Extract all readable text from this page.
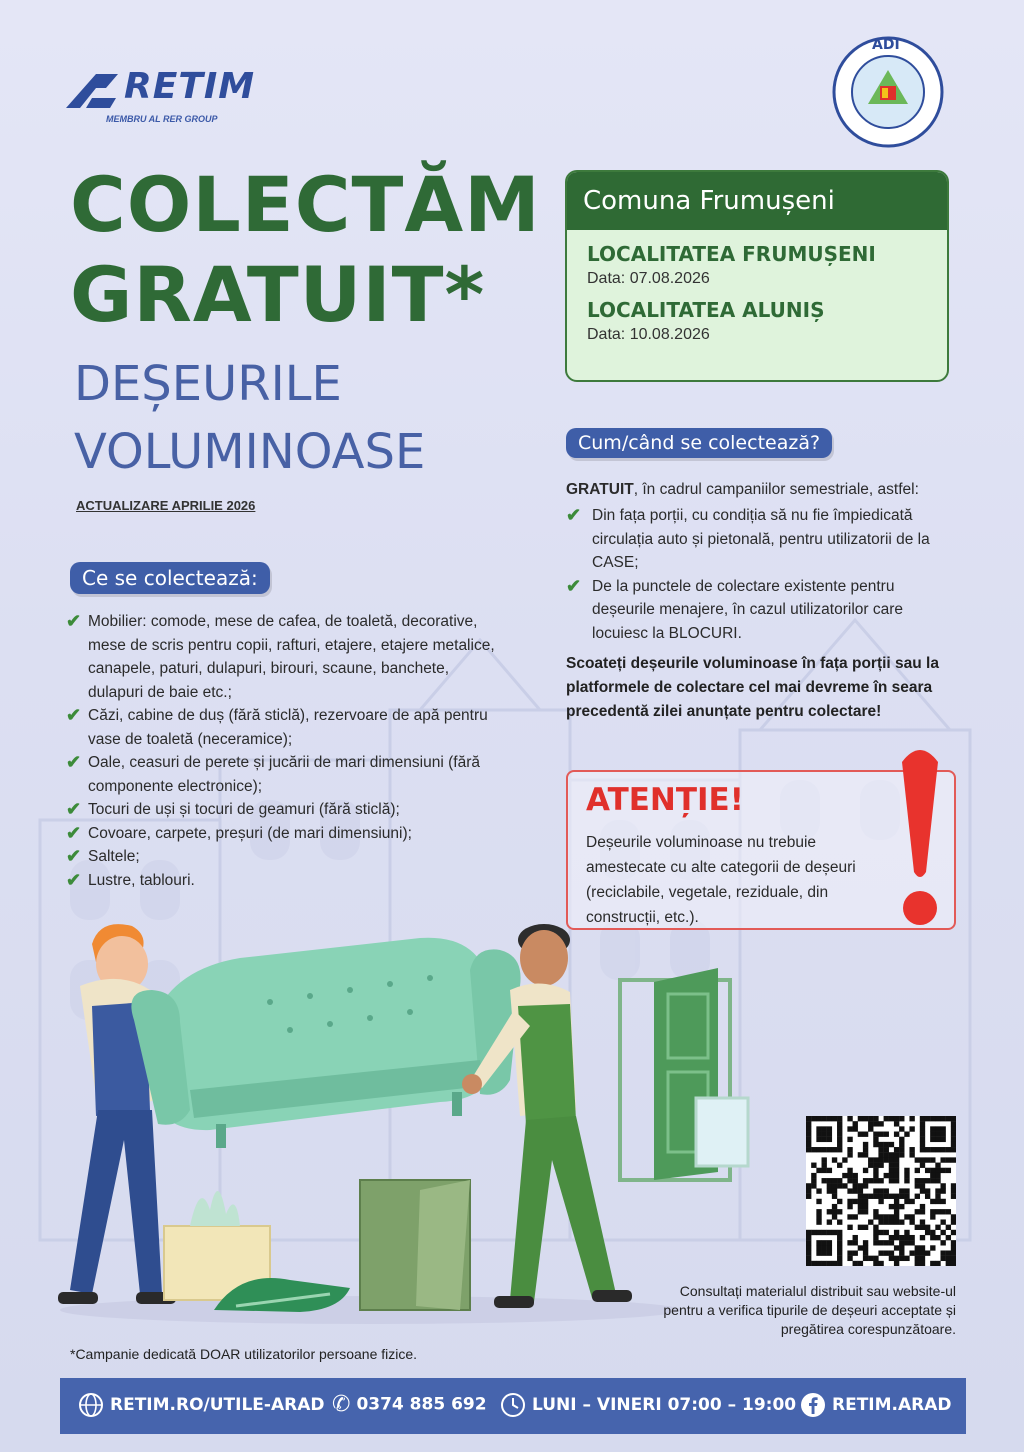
RETIM
MEMBRU AL RER GROUP
ADI
COLECTĂM
GRATUIT*
DEȘEURILE
VOLUMINOASE
ACTUALIZARE APRILIE 2026
Comuna Frumușeni
LOCALITATEA FRUMUȘENI
Data: 07.08.2026
LOCALITATEA ALUNIȘ
Data: 10.08.2026
Ce se colectează:
✔ Mobilier: comode, mese de cafea, de toaletă, decorative, mese de scris pentru copii, rafturi, etajere, etajere metalice, canapele, paturi, dulapuri, birouri, scaune, banchete, dulapuri de baie etc.;
✔ Căzi, cabine de duș (fără sticlă), rezervoare de apă pentru vase de toaletă (neceramice);
✔ Oale, ceasuri de perete și jucării de mari dimensiuni (fără componente electronice);
✔ Tocuri de uși și tocuri de geamuri (fără sticlă);
✔ Covoare, carpete, preșuri (de mari dimensiuni);
✔ Saltele;
✔ Lustre, tablouri.
Cum/când se colectează?
GRATUIT, în cadrul campaniilor semestriale, astfel:
✔ Din fața porții, cu condiția să nu fie împiedicată circulația auto și pietonală, pentru utilizatorii de la CASE;
✔ De la punctele de colectare existente pentru deșeurile menajere, în cazul utilizatorilor care locuiesc la BLOCURI.
Scoateți deșeurile voluminoase în fața porții sau la platformele de colectare cel mai devreme în seara precedentă zilei anunțate pentru colectare!
ATENȚIE!
Deșeurile voluminoase nu trebuie amestecate cu alte categorii de deșeuri (reciclabile, vegetale, reziduale, din construcții, etc.).
Consultați materialul distribuit sau website-ul pentru a verifica tipurile de deșeuri acceptate și pregătirea corespunzătoare.
*Campanie dedicată DOAR utilizatorilor persoane fizice.
RETIM.RO/UTILE-ARAD ✆ 0374 885 692	LUNI – VINERI 07:00 – 19:00	RETIM.ARAD
